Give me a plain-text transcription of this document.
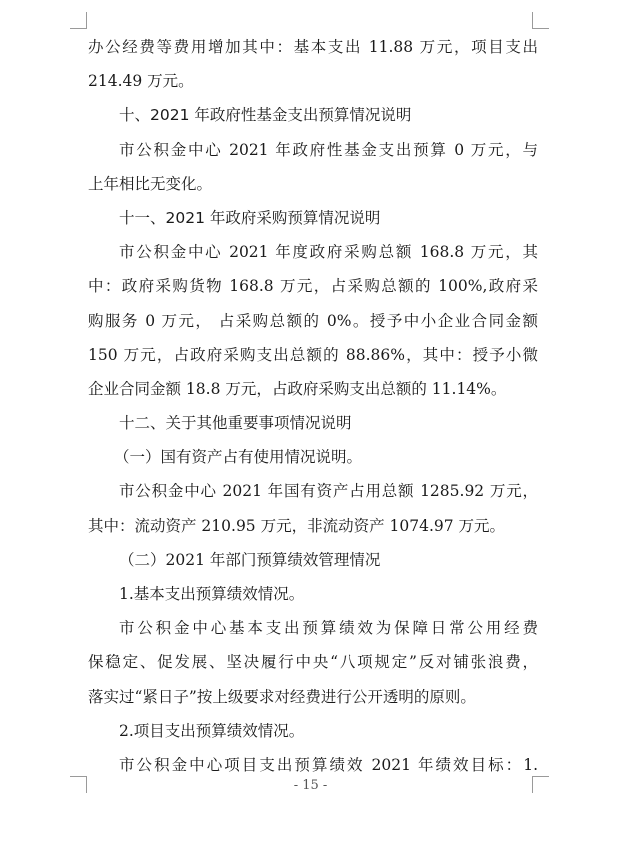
办公经费等费用增加其中：基本支出 11.88 万元，项目支出
214.49 万元。
十、2021 年政府性基金支出预算情况说明
市公积金中心 2021 年政府性基金支出预算 0 万元，与
上年相比无变化。
十一、2021 年政府采购预算情况说明
市公积金中心 2021 年度政府采购总额 168.8 万元，其
中：政府采购货物 168.8 万元，占采购总额的 100%,政府采
购服务 0 万元， 占采购总额的 0%。授予中小企业合同金额
150 万元，占政府采购支出总额的 88.86%，其中：授予小微
企业合同金额 18.8 万元，占政府采购支出总额的 11.14%。
十二、关于其他重要事项情况说明
（一）国有资产占有使用情况说明。
市公积金中心 2021 年国有资产占用总额 1285.92 万元，
其中：流动资产 210.95 万元，非流动资产 1074.97 万元。
（二）2021 年部门预算绩效管理情况
1.基本支出预算绩效情况。
市公积金中心基本支出预算绩效为保障日常公用经费
保稳定、促发展、坚决履行中央“八项规定”反对铺张浪费，
落实过“紧日子”按上级要求对经费进行公开透明的原则。
2.项目支出预算绩效情况。
市公积金中心项目支出预算绩效 2021 年绩效目标：1.
- 15 -
